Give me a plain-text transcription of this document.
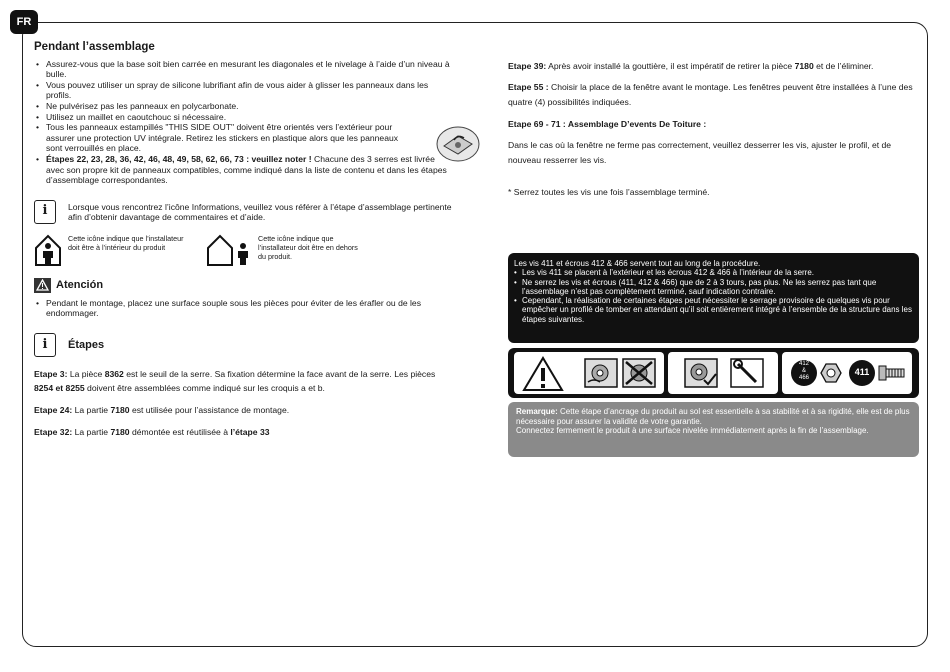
FR
Pendant l’assemblage
• Assurez-vous que la base soit bien carrée en mesurant les diagonales et le nivelage à l’aide d’un niveau à bulle.
• Vous pouvez utiliser un spray de silicone lubrifiant afin de vous aider à glisser les panneaux dans les profils.
• Ne pulvérisez pas les panneaux en polycarbonate.
• Utilisez un maillet en caoutchouc si nécessaire.
• Tous les panneaux estampillés "THIS SIDE OUT" doivent être orientés vers l’extérieur pour assurer une protection UV intégrale. Retirez les stickers en plastique alors que les panneaux sont verrouillés en place.
• Étapes 22, 23, 28, 36, 42, 46, 48, 49, 58, 62, 66, 73 : veuillez noter ! Chacune des 3 serres est livrée avec son propre kit de panneaux compatibles, comme indiqué dans la liste de contenu et dans les étapes d’assemblage correspondantes.
i	Lorsque vous rencontrez l’icône Informations, veuillez vous référer à l’étape d’assemblage pertinente afin d’obtenir davantage de commentaires et d’aide.
Cette icône indique que l’installateur doit être à l’intérieur du produit
Cette icône indique que l’installateur doit être en dehors du produit.
Atención
• Pendant le montage, placez une surface souple sous les pièces pour éviter de les érafler ou de les endommager.
i	Étapes

Etape 3: La pièce 8362 est le seuil de la serre. Sa fixation détermine la face avant de la serre. Les pièces 8254 et 8255 doivent être assemblées comme indiqué sur les croquis a et b.

Etape 24: La partie 7180 est utilisée pour l’assistance de montage.

Etape 32: La partie 7180 démontée est réutilisée à l’étape 33

Etape 39: Après avoir installé la gouttière, il est impératif de retirer la pièce 7180 et de l’éliminer.

Etape 55 : Choisir la place de la fenêtre avant le montage. Les fenêtres peuvent être installées à l’une des quatre (4) possibilités indiquées.

Etape 69 - 71 : Assemblage D’events De Toiture :

Dans le cas où la fenêtre ne ferme pas correctement, veuillez desserrer les vis, ajuster le profil, et de nouveau resserrer les vis.

* Serrez toutes les vis une fois l’assemblage terminé.

Les vis 411 et écrous 412 & 466 servent tout au long de la procédure.
• Les vis 411 se placent à l’extérieur et les écrous 412 & 466 à l’intérieur de la serre.
• Ne serrez les vis et écrous (411, 412 & 466) que de 2 à 3 tours, pas plus. Ne les serrez pas tant que l’assemblage n’est pas complètement terminé, sauf indication contraire.
• Cependant, la réalisation de certaines étapes peut nécessiter le serrage provisoire de quelques vis pour empêcher un profilé de tomber en attendant qu’il soit entièrement intégré à l’ensemble de la structure dans les étapes suivantes.
412
&
466
411
Remarque: Cette étape d’ancrage du produit au sol est essentielle à sa stabilité et à sa rigidité, elle est de plus nécessaire pour assurer la validité de votre garantie.
Connectez fermement le produit à une surface nivelée immédiatement après la fin de l’assemblage.
